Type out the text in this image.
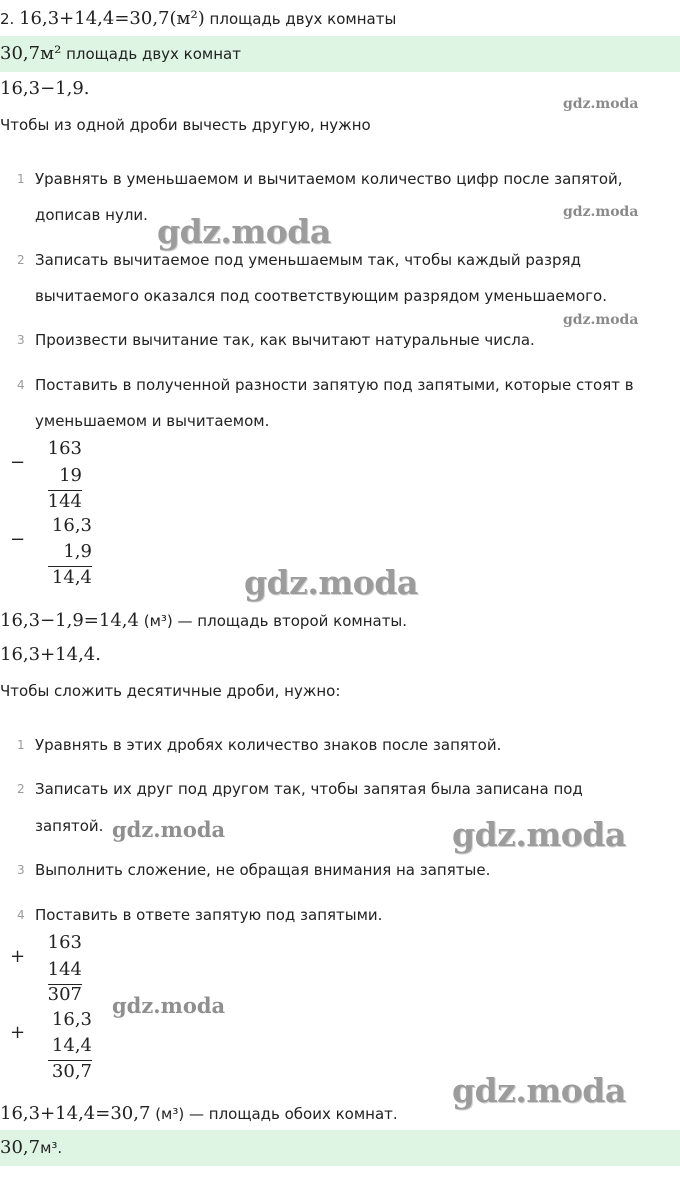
2. 16,3+14,4=30,7(м²) площадь двух комнаты
30,7м² площадь двух комнат
16,3−1,9.
gdz.moda
Чтобы из одной дроби вычесть другую, нужно
1 Уравнять в уменьшаемом и вычитаемом количество цифр после запятой,
дописав нули.	gdz.moda
gdz.moda
2 Записать вычитаемое под уменьшаемым так, чтобы каждый разряд
вычитаемого оказался под соответствующим разрядом уменьшаемого.
gdz.moda
3 Произвести вычитание так, как вычитают натуральные числа.
4 Поставить в полученной разности запятую под запятыми, которые стоят в
уменьшаемом и вычитаемом.
−
163
19
144
−
16,3
1,9
14,4	gdz.moda
16,3−1,9=14,4 (м³) — площадь второй комнаты.
16,3+14,4.
Чтобы сложить десятичные дроби, нужно:
1 Уравнять в этих дробях количество знаков после запятой.
2 Записать их друг под другом так, чтобы запятая была записана под
запятой. gdz.moda	gdz.moda
3 Выполнить сложение, не обращая внимания на запятые.
4 Поставить в ответе запятую под запятыми.
+
163
144
307 gdz.moda
+
16,3
14,4
30,7	gdz.moda
16,3+14,4=30,7 (м³) — площадь обоих комнат.
30,7м³.
